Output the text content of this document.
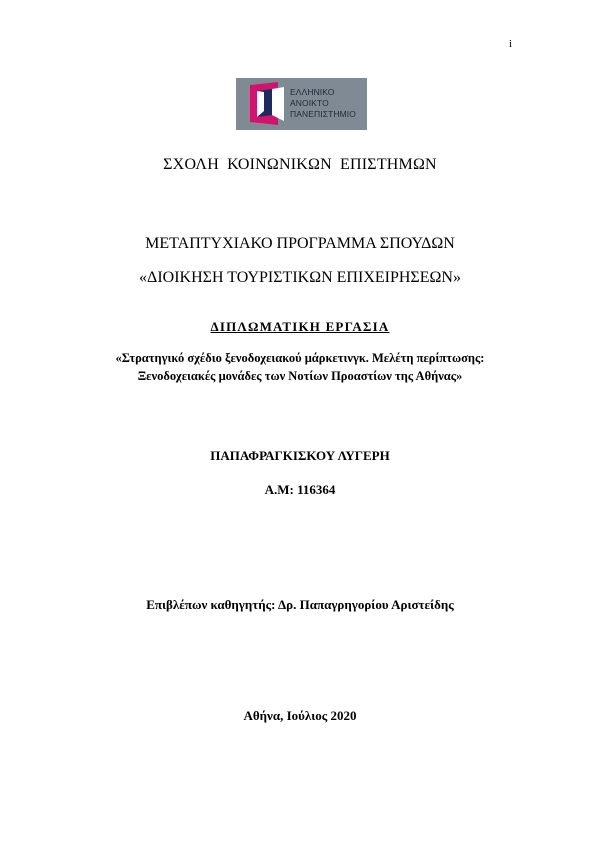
i
ΕΛΛΗΝΙΚΟ
ΑΝΟΙΚΤΟ
ΠΑΝΕΠΙΣΤΗΜΙΟ
ΣΧΟΛΗ ΚΟΙΝΩΝΙΚΩΝ ΕΠΙΣΤΗΜΩΝ
ΜΕΤΑΠΤΥΧΙΑΚΟ ΠΡΟΓΡΑΜΜΑ ΣΠΟΥΔΩΝ
«ΔΙΟΙΚΗΣΗ ΤΟΥΡΙΣΤΙΚΩΝ ΕΠΙΧΕΙΡΗΣΕΩΝ»
ΔΙΠΛΩΜΑΤΙΚΗ ΕΡΓΑΣΙΑ
«Στρατηγικό σχέδιο ξενοδοχειακού μάρκετινγκ. Μελέτη περίπτωσης:
Ξενοδοχειακές μονάδες των Νοτίων Προαστίων της Αθήνας»
ΠΑΠΑΦΡΑΓΚΙΣΚΟΥ ΛΥΓΕΡΗ
Α.Μ: 116364
Επιβλέπων καθηγητής: Δρ. Παπαγρηγορίου Αριστείδης
Αθήνα, Ιούλιος 2020
